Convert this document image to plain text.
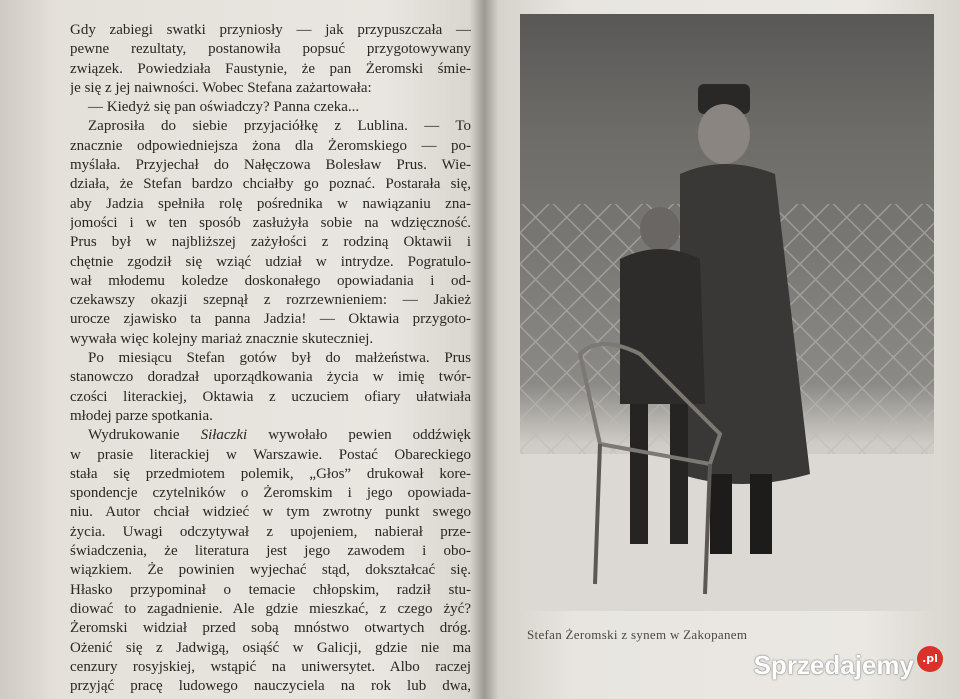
Gdy zabiegi swatki przyniosły — jak przypuszczała —
pewne rezultaty, postanowiła popsuć przygotowywany
związek. Powiedziała Faustynie, że pan Żeromski śmie-
je się z jej naiwności. Wobec Stefana zażartowała:
— Kiedyż się pan oświadczy? Panna czeka...
Zaprosiła do siebie przyjaciółkę z Lublina. — To
znacznie odpowiedniejsza żona dla Żeromskiego — po-
myślała. Przyjechał do Nałęczowa Bolesław Prus. Wie-
działa, że Stefan bardzo chciałby go poznać. Postarała się,
aby Jadzia spełniła rolę pośrednika w nawiązaniu zna-
jomości i w ten sposób zasłużyła sobie na wdzięczność.
Prus był w najbliższej zażyłości z rodziną Oktawii i
chętnie zgodził się wziąć udział w intrydze. Pogratulo-
wał młodemu koledze doskonałego opowiadania i od-
czekawszy okazji szepnął z rozrzewnieniem: — Jakież
urocze zjawisko ta panna Jadzia! — Oktawia przygoto-
wywała więc kolejny mariaż znacznie skuteczniej.
Po miesiącu Stefan gotów był do małżeństwa. Prus
stanowczo doradzał uporządkowania życia w imię twór-
czości literackiej, Oktawia z uczuciem ofiary ułatwiała
młodej parze spotkania.
Wydrukowanie Siłaczki wywołało pewien oddźwięk
w prasie literackiej w Warszawie. Postać Obareckiego
stała się przedmiotem polemik, „Głos” drukował kore-
spondencje czytelników o Żeromskim i jego opowiada-
niu. Autor chciał widzieć w tym zwrotny punkt swego
życia. Uwagi odczytywał z upojeniem, nabierał prze-
świadczenia, że literatura jest jego zawodem i obo-
wiązkiem. Że powinien wyjechać stąd, dokształcać się.
Hłasko przypominał o temacie chłopskim, radził stu-
diować to zagadnienie. Ale gdzie mieszkać, z czego żyć?
Żeromski widział przed sobą mnóstwo otwartych dróg.
Ożenić się z Jadwigą, osiąść w Galicji, gdzie nie ma
cenzury rosyjskiej, wstąpić na uniwersytet. Albo raczej
przyjąć pracę ludowego nauczyciela na rok lub dwa,
Stefan Żeromski z synem w Zakopanem
Sprzedajemy .pl
